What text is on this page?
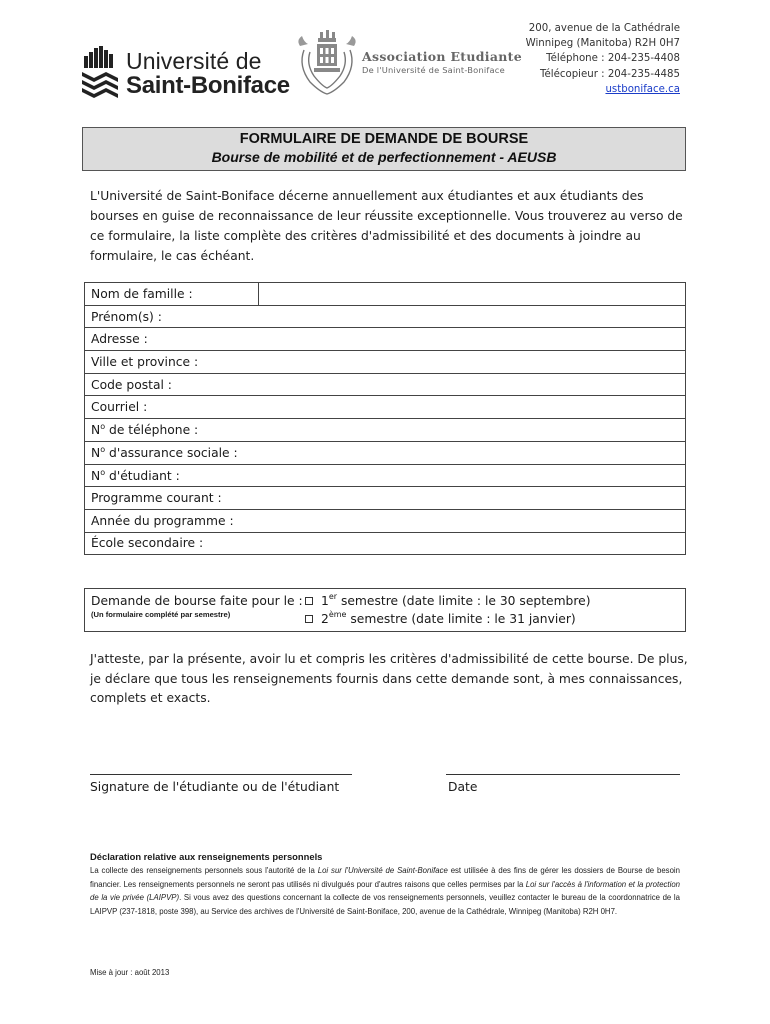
Université de
Saint-Boniface
Association Etudiante
De l'Université de Saint-Boniface
200, avenue de la Cathédrale
Winnipeg (Manitoba) R2H 0H7
Téléphone : 204-235-4408
Télécopieur : 204-235-4485
ustboniface.ca
FORMULAIRE DE DEMANDE DE BOURSE
Bourse de mobilité et de perfectionnement - AEUSB
L'Université de Saint-Boniface décerne annuellement aux étudiantes et aux étudiants des bourses en guise de reconnaissance de leur réussite exceptionnelle. Vous trouverez au verso de ce formulaire, la liste complète des critères d'admissibilité et des documents à joindre au formulaire, le cas échéant.
Nom de famille :	
Prénom(s) :
Adresse :
Ville et province :
Code postal :
Courriel :
$N^o$ de téléphone :
$N^o$ d'assurance sociale :
$N^o$ d'étudiant :
Programme courant :
Année du programme :
École secondaire :
Demande de bourse faite pour le :
(Un formulaire complété par semestre)
1er semestre (date limite : le 30 septembre)
2ème semestre (date limite : le 31 janvier)
J'atteste, par la présente, avoir lu et compris les critères d'admissibilité de cette bourse. De plus, je déclare que tous les renseignements fournis dans cette demande sont, à mes connaissances, complets et exacts.
Signature de l'étudiante ou de l'étudiant	Date
Déclaration relative aux renseignements personnels
La collecte des renseignements personnels sous l'autorité de la Loi sur l'Université de Saint-Boniface est utilisée à des fins de gérer les dossiers de Bourse de besoin financier. Les renseignements personnels ne seront pas utilisés ni divulgués pour d'autres raisons que celles permises par la Loi sur l'accès à l'information et la protection de la vie privée (LAIPVP). Si vous avez des questions concernant la collecte de vos renseignements personnels, veuillez contacter le bureau de la coordonnatrice de la LAIPVP (237-1818, poste 398), au Service des archives de l'Université de Saint-Boniface, 200, avenue de la Cathédrale, Winnipeg (Manitoba) R2H 0H7.
Mise à jour : août 2013
